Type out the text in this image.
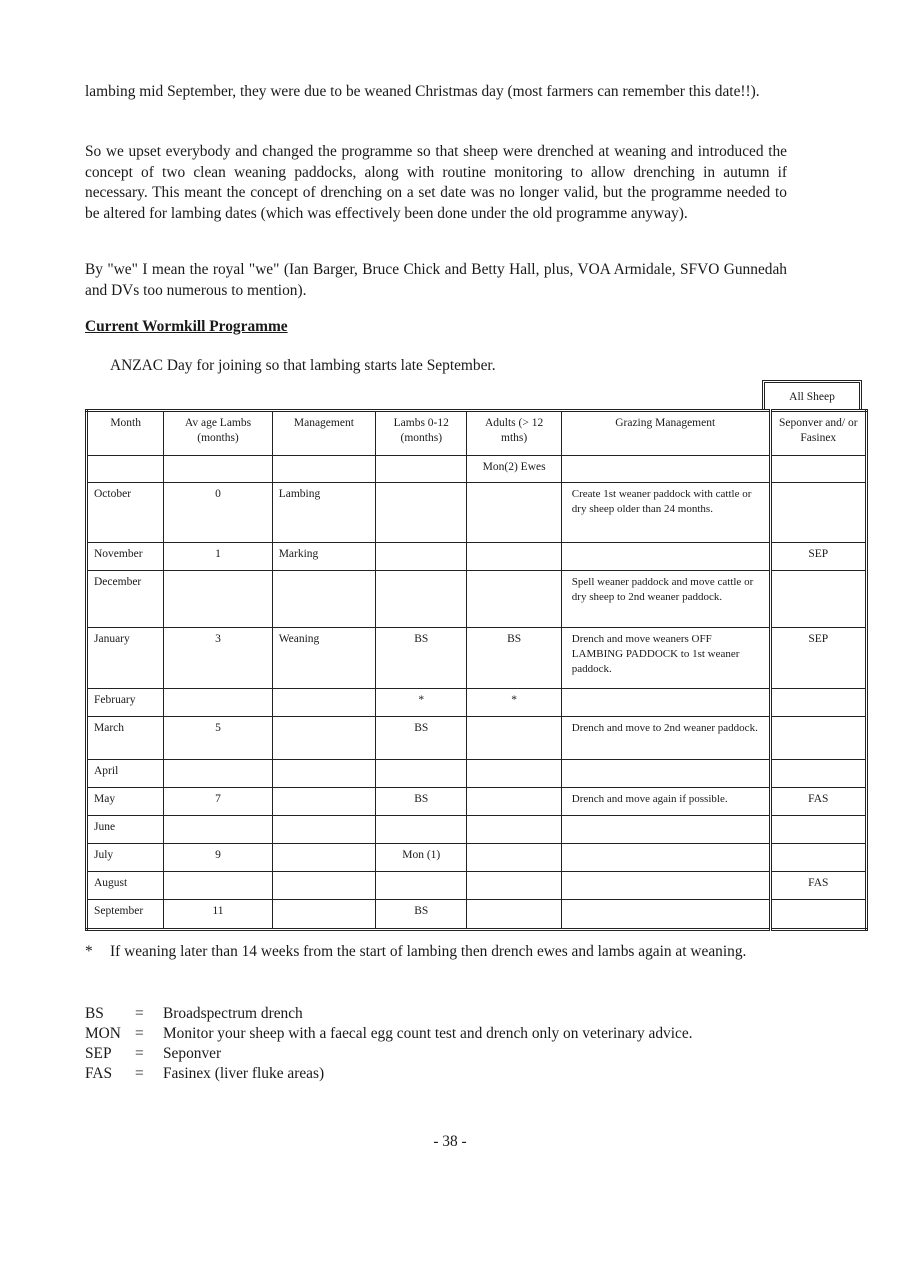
lambing mid September, they were due to be weaned Christmas day (most farmers can remember this date!!).

So we upset everybody and changed the programme so that sheep were drenched at weaning and introduced the concept of two clean weaning paddocks, along with routine monitoring to allow drenching in autumn if necessary. This meant the concept of drenching on a set date was no longer valid, but the programme needed to be altered for lambing dates (which was effectively been done under the old programme anyway).

By "we" I mean the royal "we" (Ian Barger, Bruce Chick and Betty Hall, plus, VOA Armidale, SFVO Gunnedah and DVs too numerous to mention).

Current Wormkill Programme

ANZAC Day for joining so that lambing starts late September.

All Sheep
Month	Av age Lambs (months)	Management	Lambs 0-12 (months)	Adults (> 12 mths)	Grazing Management	Seponver and/ or Fasinex
				Mon(2) Ewes		
October	0	Lambing			Create 1st weaner paddock with cattle or dry sheep older than 24 months.	
November	1	Marking				SEP
December					Spell weaner paddock and move cattle or dry sheep to 2nd weaner paddock.	
January	3	Weaning	BS	BS	Drench and move weaners OFF LAMBING PADDOCK to 1st weaner paddock.	SEP
February			*	*		
March	5		BS		Drench and move to 2nd weaner paddock.	
April						
May	7		BS		Drench and move again if possible.	FAS
June						
July	9		Mon (1)			
August						FAS
September	11		BS			

* If weaning later than 14 weeks from the start of lambing then drench ewes and lambs again at weaning.

BS	=	Broadspectrum drench
MON	=	Monitor your sheep with a faecal egg count test and drench only on veterinary advice.
SEP	=	Seponver
FAS	=	Fasinex (liver fluke areas)

- 38 -
